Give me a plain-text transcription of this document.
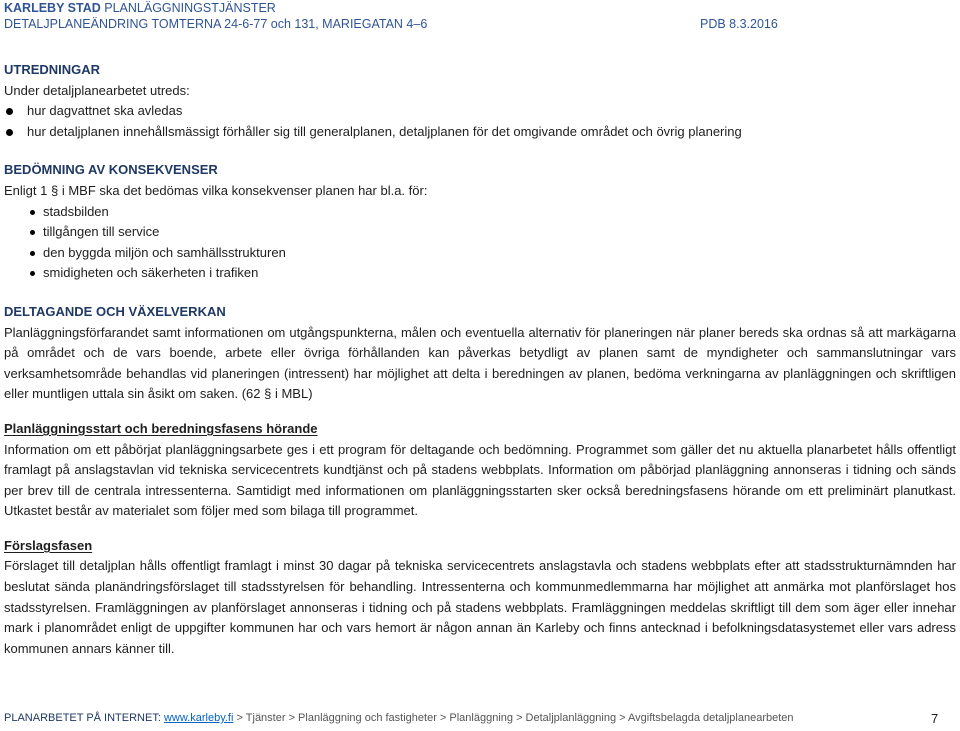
KARLEBY STAD PLANLÄGGNINGSTJÄNSTER
DETALJPLANEÄNDRING TOMTERNA 24-6-77 och 131, MARIEGATAN 4–6	PDB 8.3.2016

UTREDNINGAR

Under detaljplanearbetet utreds:

hur dagvattnet ska avledas
hur detaljplanen innehållsmässigt förhåller sig till generalplanen, detaljplanen för det omgivande området och övrig planering

BEDÖMNING AV KONSEKVENSER

Enligt 1 § i MBF ska det bedömas vilka konsekvenser planen har bl.a. för:

stadsbilden
tillgången till service
den byggda miljön och samhällsstrukturen
smidigheten och säkerheten i trafiken

DELTAGANDE OCH VÄXELVERKAN

Planläggningsförfarandet samt informationen om utgångspunkterna, målen och eventuella alternativ för planeringen när planer bereds ska ordnas så att markägarna på området och de vars boende, arbete eller övriga förhållanden kan påverkas betydligt av planen samt de myndigheter och sammanslutningar vars verksamhetsområde behandlas vid planeringen (intressent) har möjlighet att delta i beredningen av planen, bedöma verkningarna av planläggningen och skriftligen eller muntligen uttala sin åsikt om saken. (62 § i MBL)

Planläggningsstart och beredningsfasens hörande

Information om ett påbörjat planläggningsarbete ges i ett program för deltagande och bedömning. Programmet som gäller det nu aktuella planarbetet hålls offentligt framlagt på anslagstavlan vid tekniska servicecentrets kundtjänst och på stadens webbplats. Information om påbörjad planläggning annonseras i tidning och sänds per brev till de centrala intressenterna. Samtidigt med informationen om planläggningsstarten sker också beredningsfasens hörande om ett preliminärt planutkast. Utkastet består av materialet som följer med som bilaga till programmet.

Förslagsfasen

Förslaget till detaljplan hålls offentligt framlagt i minst 30 dagar på tekniska servicecentrets anslagstavla och stadens webbplats efter att stadsstrukturnämnden har beslutat sända planändringsförslaget till stadsstyrelsen för behandling. Intressenterna och kommunmedlemmarna har möjlighet att anmärka mot planförslaget hos stadsstyrelsen. Framläggningen av planförslaget annonseras i tidning och på stadens webbplats. Framläggningen meddelas skriftligt till dem som äger eller innehar mark i planområdet enligt de uppgifter kommunen har och vars hemort är någon annan än Karleby och finns antecknad i befolkningsdatasystemet eller vars adress kommunen annars känner till.

PLANARBETET PÅ INTERNET: www.karleby.fi > Tjänster > Planläggning och fastigheter > Planläggning > Detaljplanläggning > Avgiftsbelagda detaljplanearbeten	7
